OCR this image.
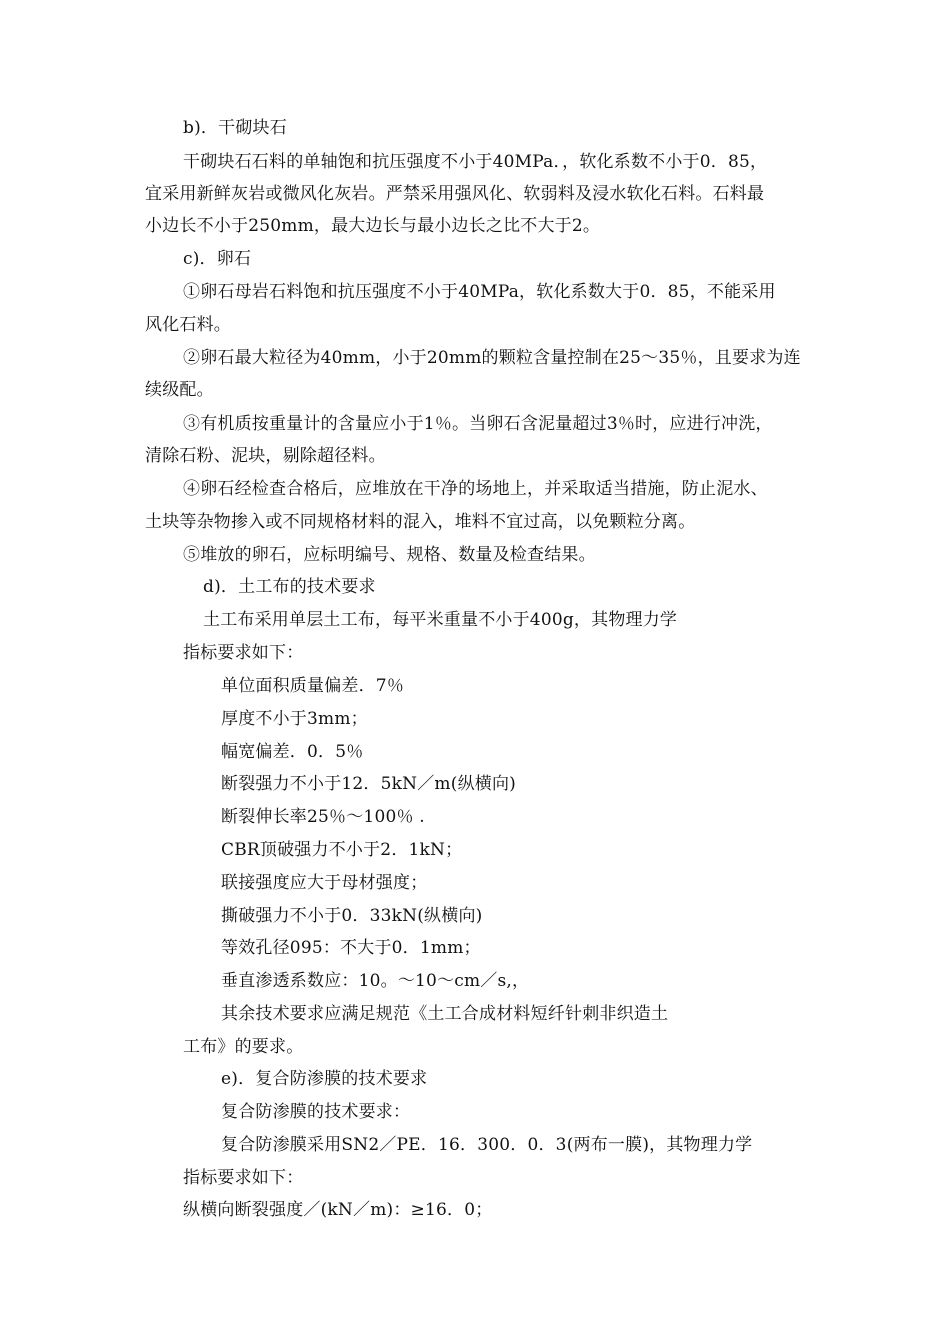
b)．干砌块石
干砌块石石料的单轴饱和抗压强度不小于40MPa．，软化系数不小于0．85，
宜采用新鲜灰岩或微风化灰岩。严禁采用强风化、软弱料及浸水软化石料。石料最
小边长不小于250mm，最大边长与最小边长之比不大于2。
c)．卵石
①卵石母岩石料饱和抗压强度不小于40MPa，软化系数大于0．85，不能采用
风化石料。
②卵石最大粒径为40mm，小于20mm的颗粒含量控制在25～35％，且要求为连
续级配。
③有机质按重量计的含量应小于1％。当卵石含泥量超过3％时，应进行冲洗，
清除石粉、泥块，剔除超径料。
④卵石经检查合格后，应堆放在干净的场地上，并采取适当措施，防止泥水、
土块等杂物掺入或不同规格材料的混入，堆料不宜过高，以免颗粒分离。
⑤堆放的卵石，应标明编号、规格、数量及检查结果。
d)．土工布的技术要求
土工布采用单层土工布，每平米重量不小于400g，其物理力学
指标要求如下：
单位面积质量偏差．7％
厚度不小于3mm；
幅宽偏差．0．5％
断裂强力不小于12．5kN／m(纵横向)
断裂伸长率25％～100％ .
CBR顶破强力不小于2．1kN；
联接强度应大于母材强度；
撕破强力不小于0．33kN(纵横向)
等效孔径095：不大于0．1mm；
垂直渗透系数应：10。～10～cm／s,，
其余技术要求应满足规范《土工合成材料短纤针刺非织造土
工布》的要求。
e)．复合防渗膜的技术要求
复合防渗膜的技术要求：
复合防渗膜采用SN2／PE．16．300．0．3(两布一膜)，其物理力学
指标要求如下：
纵横向断裂强度／(kN／m)：≥16．0；
